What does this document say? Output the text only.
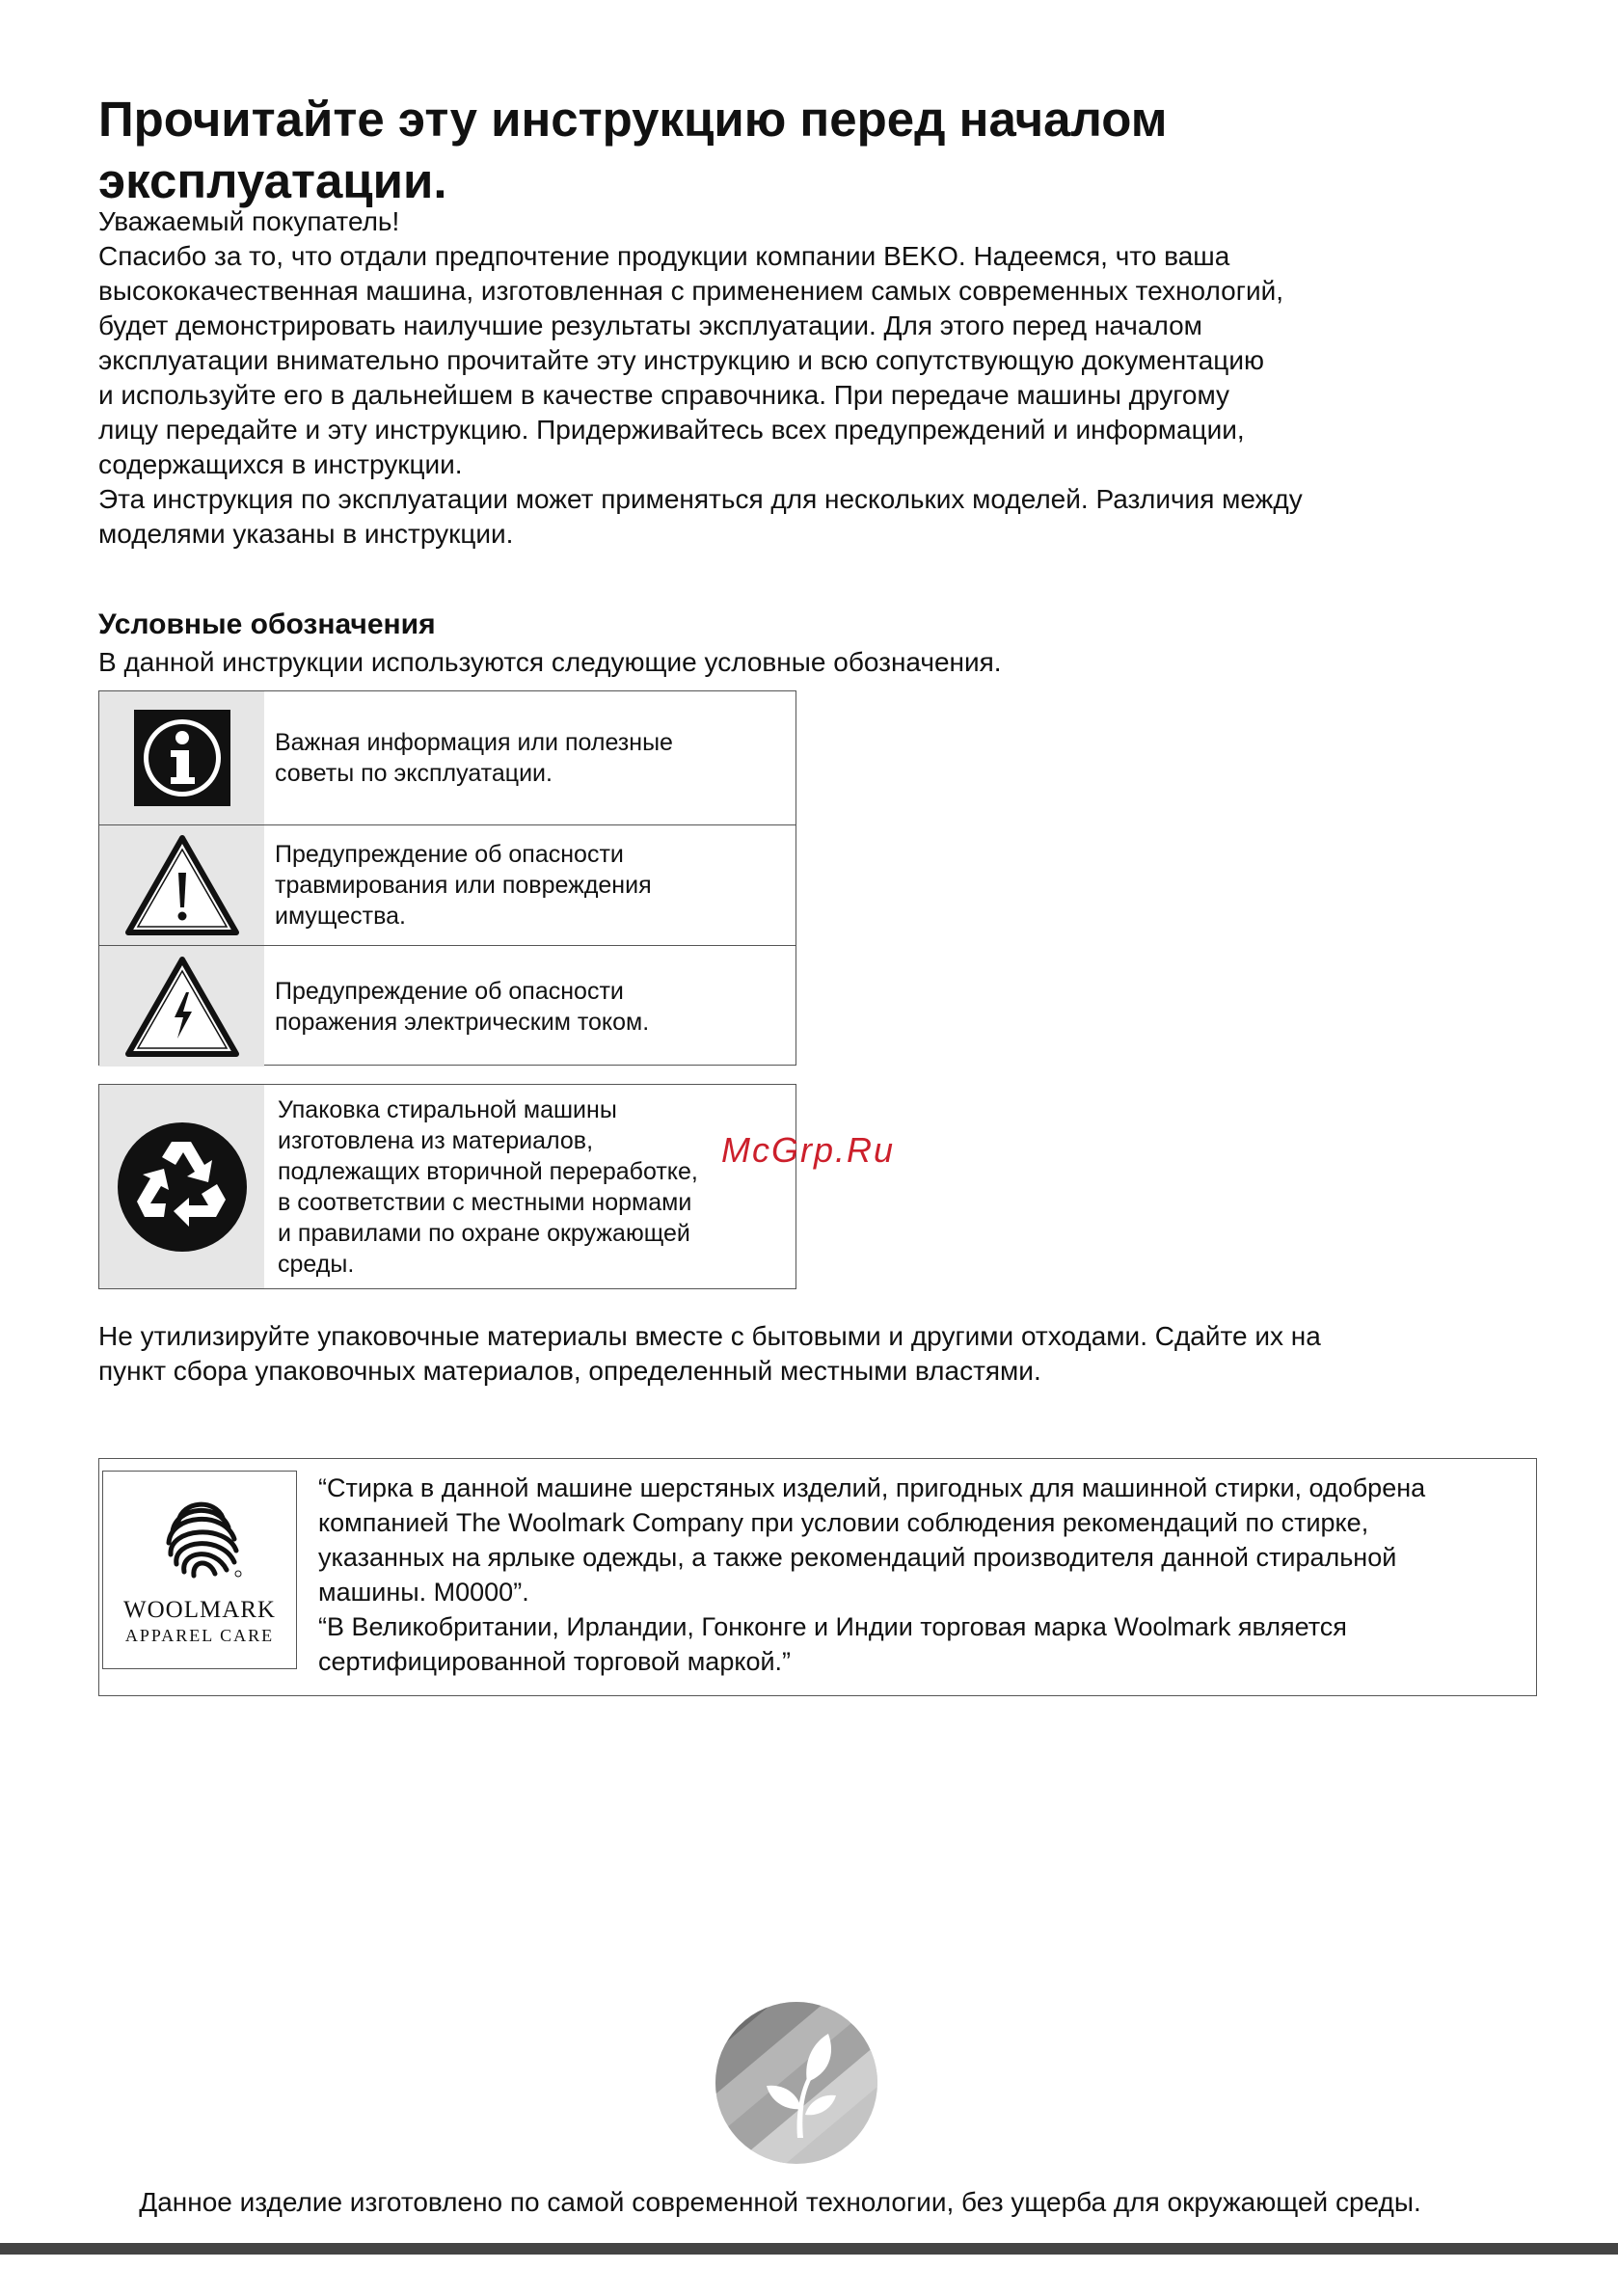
Прочитайте эту инструкцию перед началом
эксплуатации.
Уважаемый покупатель!
Спасибо за то, что отдали предпочтение продукции компании BEKO. Надеемся, что ваша
высококачественная машина, изготовленная с применением самых современных технологий,
будет демонстрировать наилучшие результаты эксплуатации. Для этого перед началом
эксплуатации внимательно прочитайте эту инструкцию и всю сопутствующую документацию
и используйте его в дальнейшем в качестве справочника. При передаче машины другому
лицу передайте и эту инструкцию. Придерживайтесь всех предупреждений и информации,
содержащихся в инструкции.
Эта инструкция по эксплуатации может применяться для нескольких моделей. Различия между
моделями указаны в инструкции.
Условные обозначения
В данной инструкции используются следующие условные обозначения.
Важная информация или полезные
советы по эксплуатации.
Предупреждение об опасности
травмирования или повреждения
имущества.
Предупреждение об опасности
поражения электрическим током.
Упаковка стиральной машины
изготовлена из материалов,
подлежащих вторичной переработке,
в соответствии с местными нормами
и правилами по охране окружающей
среды.
McGrp.Ru
Не утилизируйте упаковочные материалы вместе с бытовыми и другими отходами. Сдайте их на
пункт сбора упаковочных материалов, определенный местными властями.
WOOLMARK
APPAREL CARE
“Стирка в данной машине шерстяных изделий, пригодных для машинной стирки, одобрена
компанией The Woolmark Company при условии соблюдения рекомендаций по стирке,
указанных на ярлыке одежды, а также рекомендаций производителя данной стиральной
машины. M0000”.
“В Великобритании, Ирландии, Гонконге и Индии торговая марка Woolmark является
сертифицированной торговой маркой.”
Данное изделие изготовлено по самой современной технологии, без ущерба для окружающей среды.
